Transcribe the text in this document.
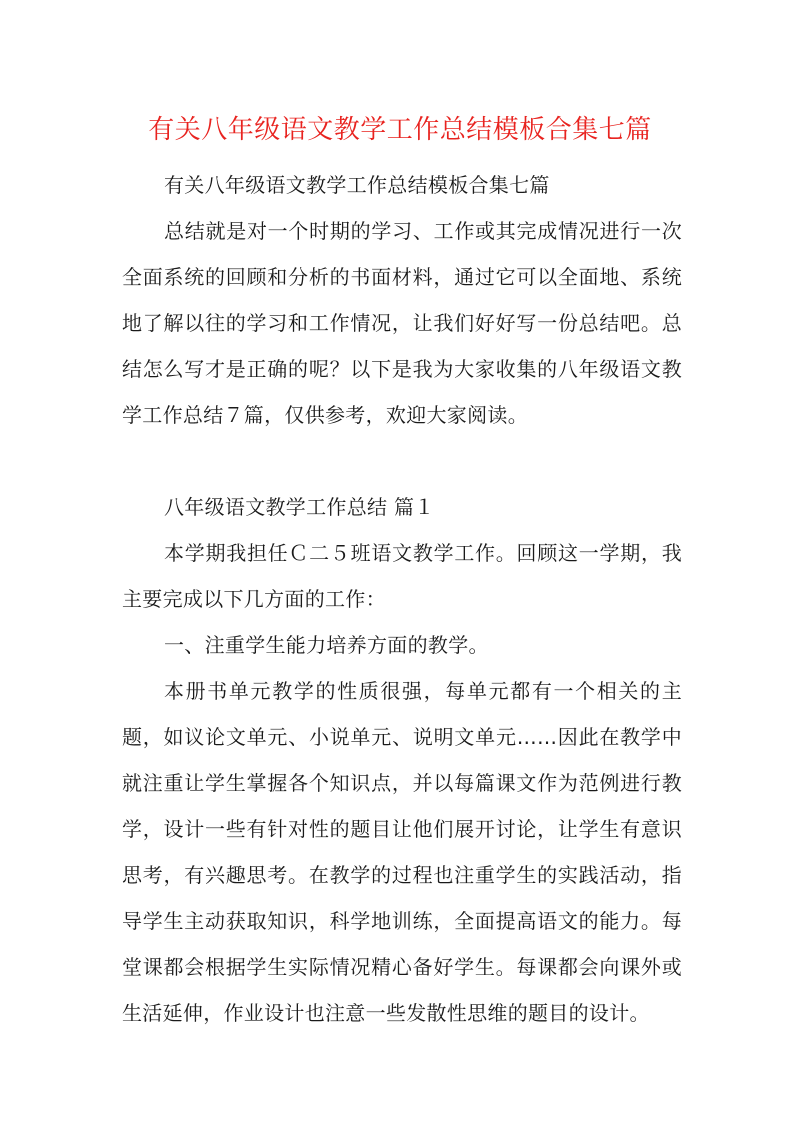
有关八年级语文教学工作总结模板合集七篇

有关八年级语文教学工作总结模板合集七篇

总结就是对一个时期的学习、工作或其完成情况进行一次全面系统的回顾和分析的书面材料，通过它可以全面地、系统地了解以往的学习和工作情况，让我们好好写一份总结吧。总结怎么写才是正确的呢？以下是我为大家收集的八年级语文教学工作总结７篇，仅供参考，欢迎大家阅读。

八年级语文教学工作总结 篇１

本学期我担任Ｃ二５班语文教学工作。回顾这一学期，我主要完成以下几方面的工作：

一、注重学生能力培养方面的教学。

本册书单元教学的性质很强，每单元都有一个相关的主题，如议论文单元、小说单元、说明文单元……因此在教学中就注重让学生掌握各个知识点，并以每篇课文作为范例进行教学，设计一些有针对性的题目让他们展开讨论，让学生有意识思考，有兴趣思考。在教学的过程也注重学生的实践活动，指导学生主动获取知识，科学地训练，全面提高语文的能力。每堂课都会根据学生实际情况精心备好学生。每课都会向课外或生活延伸，作业设计也注意一些发散性思维的题目的设计。
